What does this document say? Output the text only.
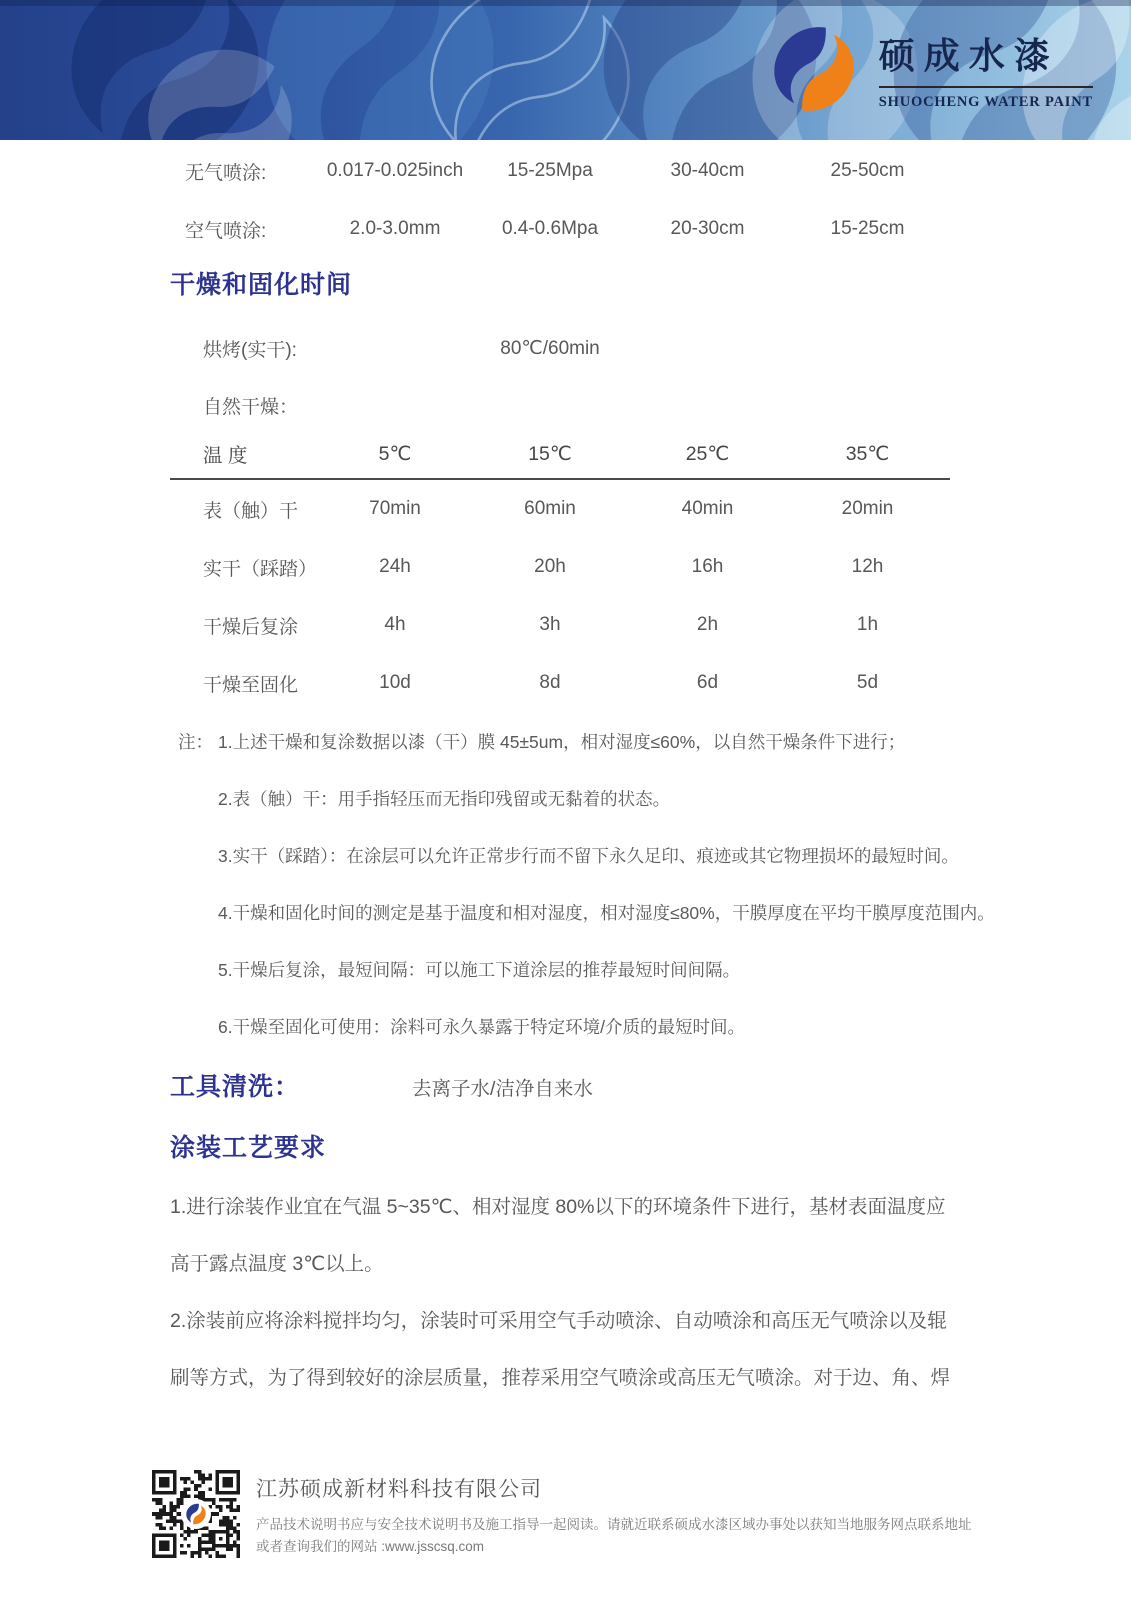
硕成水漆
SHUOCHENG WATER PAINT
无气喷涂:	0.017-0.025inch	15-25Mpa	30-40cm	25-50cm
空气喷涂:	2.0-3.0mm	0.4-0.6Mpa	20-30cm	15-25cm
干燥和固化时间
烘烤(实干):	80℃/60min
自然干燥：
温 度	5℃	15℃	25℃	35℃
表（触）干	70min	60min	40min	20min
实干（踩踏）	24h	20h	16h	12h
干燥后复涂	4h	3h	2h	1h
干燥至固化	10d	8d	6d	5d
注： 1.上述干燥和复涂数据以漆（干）膜 45±5um，相对湿度≤60%，以自然干燥条件下进行；
2.表（触）干：用手指轻压而无指印残留或无黏着的状态。
3.实干（踩踏）：在涂层可以允许正常步行而不留下永久足印、痕迹或其它物理损坏的最短时间。
4.干燥和固化时间的测定是基于温度和相对湿度，相对湿度≤80%，干膜厚度在平均干膜厚度范围内。
5.干燥后复涂，最短间隔：可以施工下道涂层的推荐最短时间间隔。
6.干燥至固化可使用：涂料可永久暴露于特定环境/介质的最短时间。
工具清洗：	去离子水/洁净自来水
涂装工艺要求
1.进行涂装作业宜在气温 5~35℃、相对湿度 80%以下的环境条件下进行，基材表面温度应
高于露点温度 3℃以上。
2.涂装前应将涂料搅拌均匀，涂装时可采用空气手动喷涂、自动喷涂和高压无气喷涂以及辊
刷等方式，为了得到较好的涂层质量，推荐采用空气喷涂或高压无气喷涂。对于边、角、焊
江苏硕成新材料科技有限公司
产品技术说明书应与安全技术说明书及施工指导一起阅读。请就近联系硕成水漆区域办事处以获知当地服务网点联系地址
或者查询我们的网站 :www.jsscsq.com
